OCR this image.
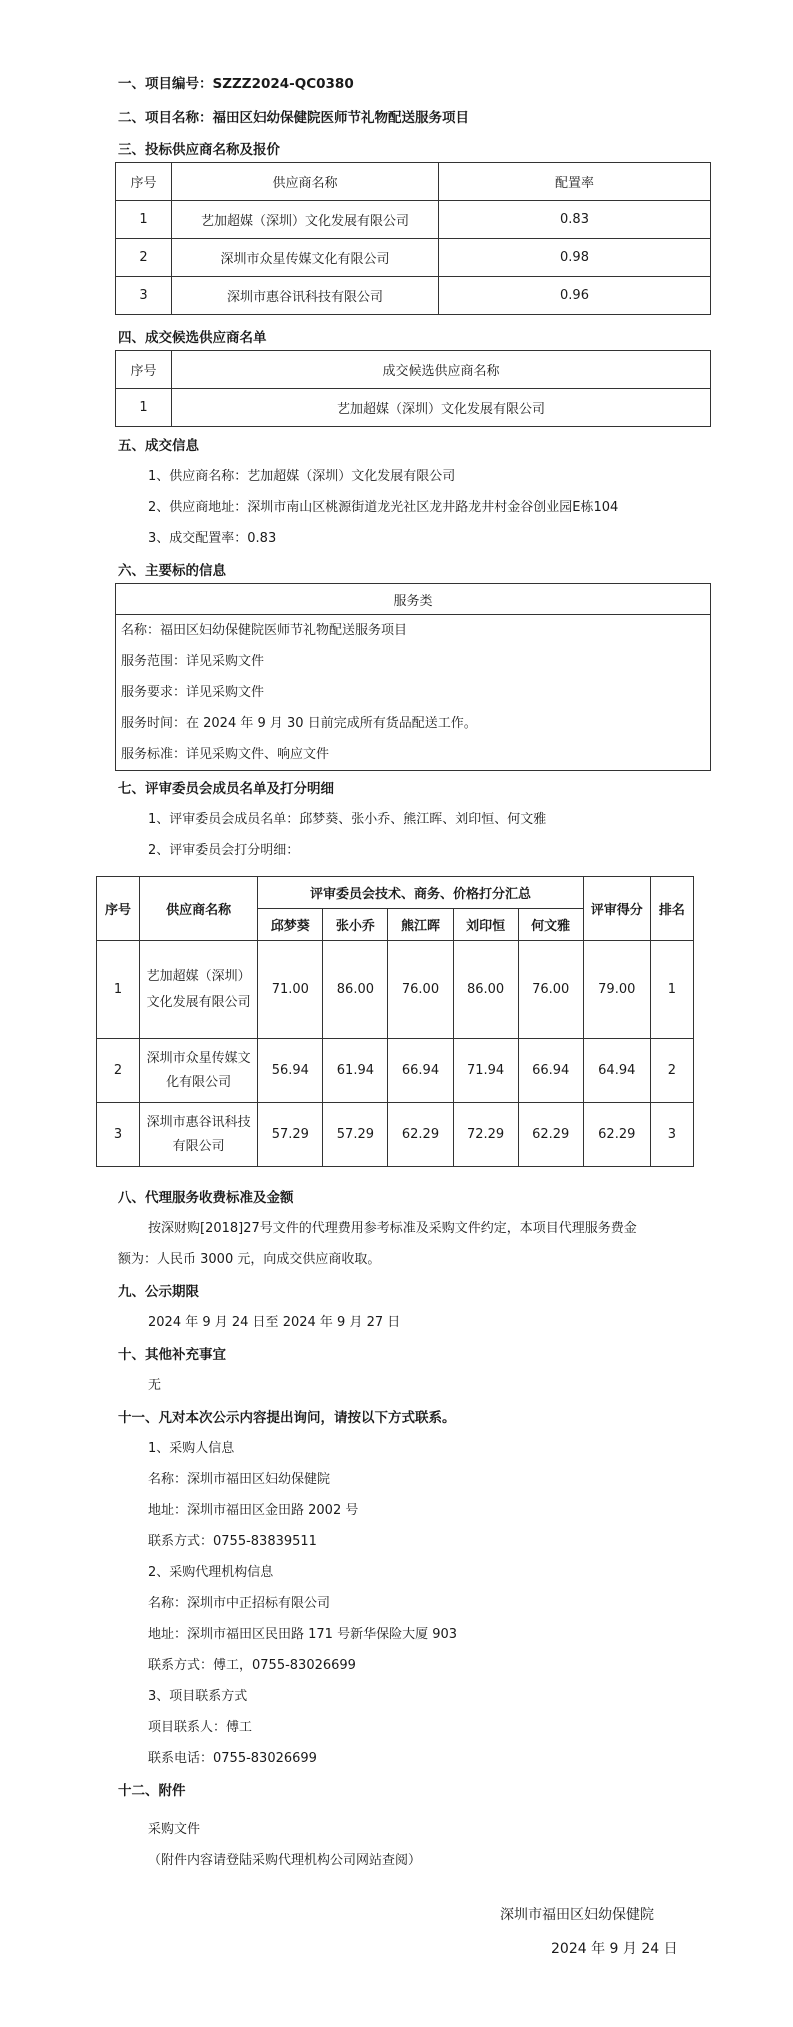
一、项目编号：SZZZ2024-QC0380
二、项目名称：福田区妇幼保健院医师节礼物配送服务项目
三、投标供应商名称及报价
序号	供应商名称	配置率
1	艺加超媒（深圳）文化发展有限公司	0.83
2	深圳市众星传媒文化有限公司	0.98
3	深圳市惠谷讯科技有限公司	0.96
四、成交候选供应商名单
序号	成交候选供应商名称
1	艺加超媒（深圳）文化发展有限公司
五、成交信息
1、供应商名称：艺加超媒（深圳）文化发展有限公司
2、供应商地址：深圳市南山区桃源街道龙光社区龙井路龙井村金谷创业园E栋104
3、成交配置率：0.83
六、主要标的信息
服务类

名称：福田区妇幼保健院医师节礼物配送服务项目
服务范围：详见采购文件
服务要求：详见采购文件
服务时间：在 2024 年 9 月 30 日前完成所有货品配送工作。
服务标准：详见采购文件、响应文件
七、评审委员会成员名单及打分明细
1、评审委员会成员名单：邱梦葵、张小乔、熊江晖、刘印恒、何文雅
2、评审委员会打分明细：
序号	供应商名称	评审委员会技术、商务、价格打分汇总					评审得分	排名
		邱梦葵	张小乔	熊江晖	刘印恒	何文雅		
1	艺加超媒（深圳）文化发展有限公司	71.00	86.00	76.00	86.00	76.00	79.00	1
2	深圳市众星传媒文化有限公司	56.94	61.94	66.94	71.94	66.94	64.94	2
3	深圳市惠谷讯科技有限公司	57.29	57.29	62.29	72.29	62.29	62.29	3
八、代理服务收费标准及金额
按深财购[2018]27号文件的代理费用参考标准及采购文件约定，本项目代理服务费金
额为：人民币 3000 元，向成交供应商收取。
九、公示期限
2024 年 9 月 24 日至 2024 年 9 月 27 日
十、其他补充事宜
无
十一、凡对本次公示内容提出询问，请按以下方式联系。
1、采购人信息
名称：深圳市福田区妇幼保健院
地址：深圳市福田区金田路 2002 号
联系方式：0755-83839511
2、采购代理机构信息
名称：深圳市中正招标有限公司
地址：深圳市福田区民田路 171 号新华保险大厦 903
联系方式：傅工，0755-83026699
3、项目联系方式
项目联系人：傅工
联系电话：0755-83026699
十二、附件
采购文件
（附件内容请登陆采购代理机构公司网站查阅）
深圳市福田区妇幼保健院
2024 年 9 月 24 日
